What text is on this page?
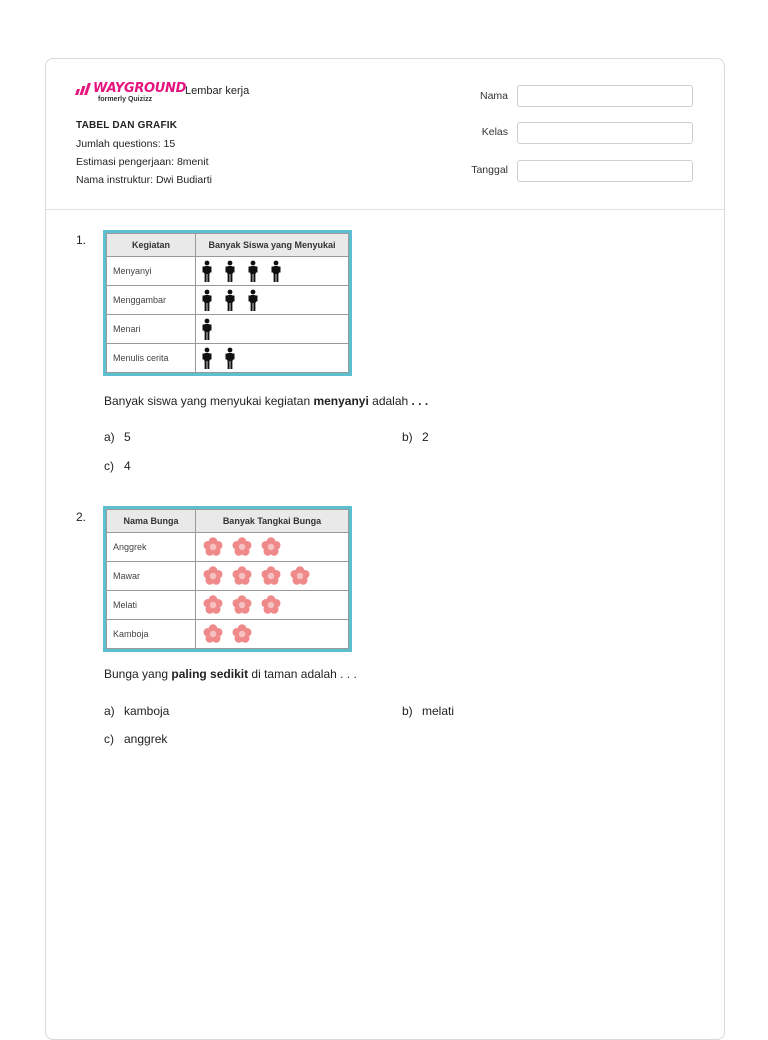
WAYGROUND
formerly Quizizz
Lembar kerja
TABEL DAN GRAFIK
Jumlah questions: 15
Estimasi pengerjaan: 8menit
Nama instruktur: Dwi Budiarti
Nama
Kelas
Tanggal
1.	Kegiatan	Banyak Siswa yang Menyukai
Menyanyi	
Menggambar	
Menari	
Menulis cerita	
Banyak siswa yang menyukai kegiatan menyanyi adalah . . .
a) 5	b) 2
c) 4
2.	Nama Bunga	Banyak Tangkai Bunga
Anggrek	
Mawar	
Melati	
Kamboja	
Bunga yang paling sedikit di taman adalah . . .
a) kamboja	b) melati
c) anggrek
